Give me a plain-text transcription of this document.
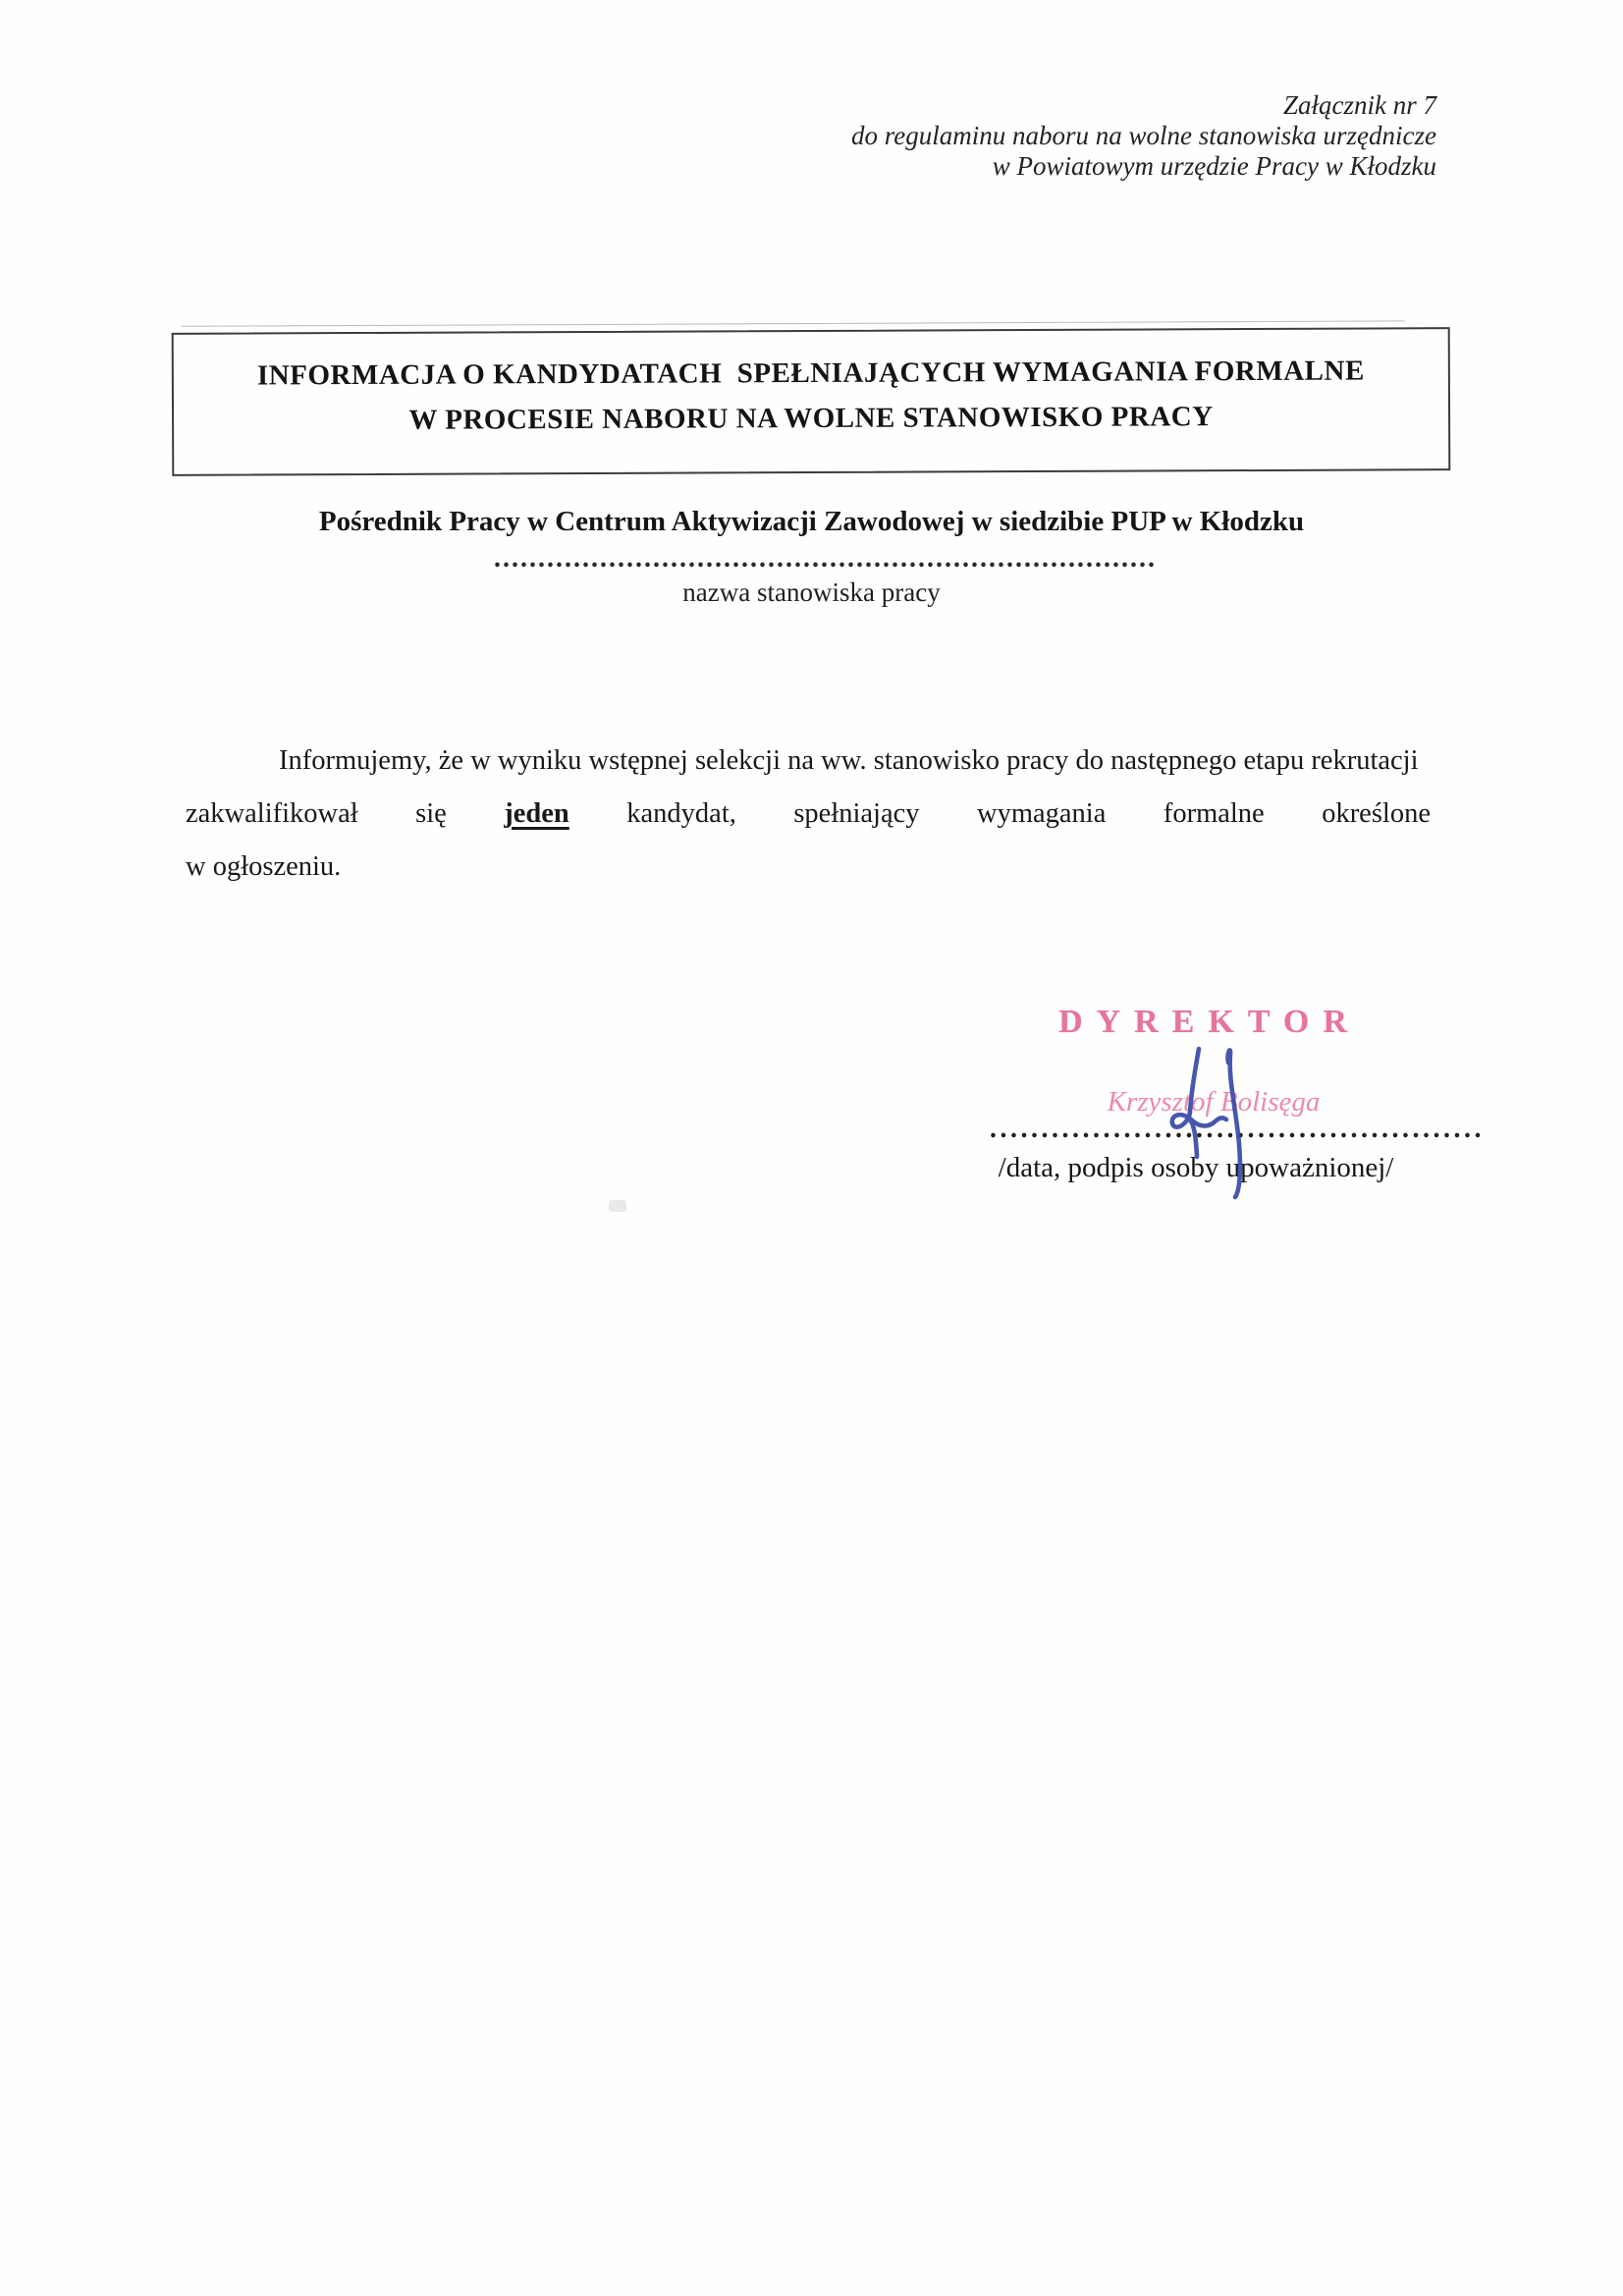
Załącznik nr 7
do regulaminu naboru na wolne stanowiska urzędnicze
w Powiatowym urzędzie Pracy w Kłodzku
INFORMACJA O KANDYDATACH  SPEŁNIAJĄCYCH WYMAGANIA FORMALNE
W PROCESIE NABORU NA WOLNE STANOWISKO PRACY
Pośrednik Pracy w Centrum Aktywizacji Zawodowej w siedzibie PUP w Kłodzku
...........................................................................
nazwa stanowiska pracy
Informujemy, że w wyniku wstępnej selekcji na ww. stanowisko pracy do następnego etapu rekrutacji
zakwalifikował się jeden kandydat, spełniający wymagania formalne określone
w ogłoszeniu.
DYREKTOR
Krzysztof Bolisęga
................................................
/data, podpis osoby upoważnionej/
